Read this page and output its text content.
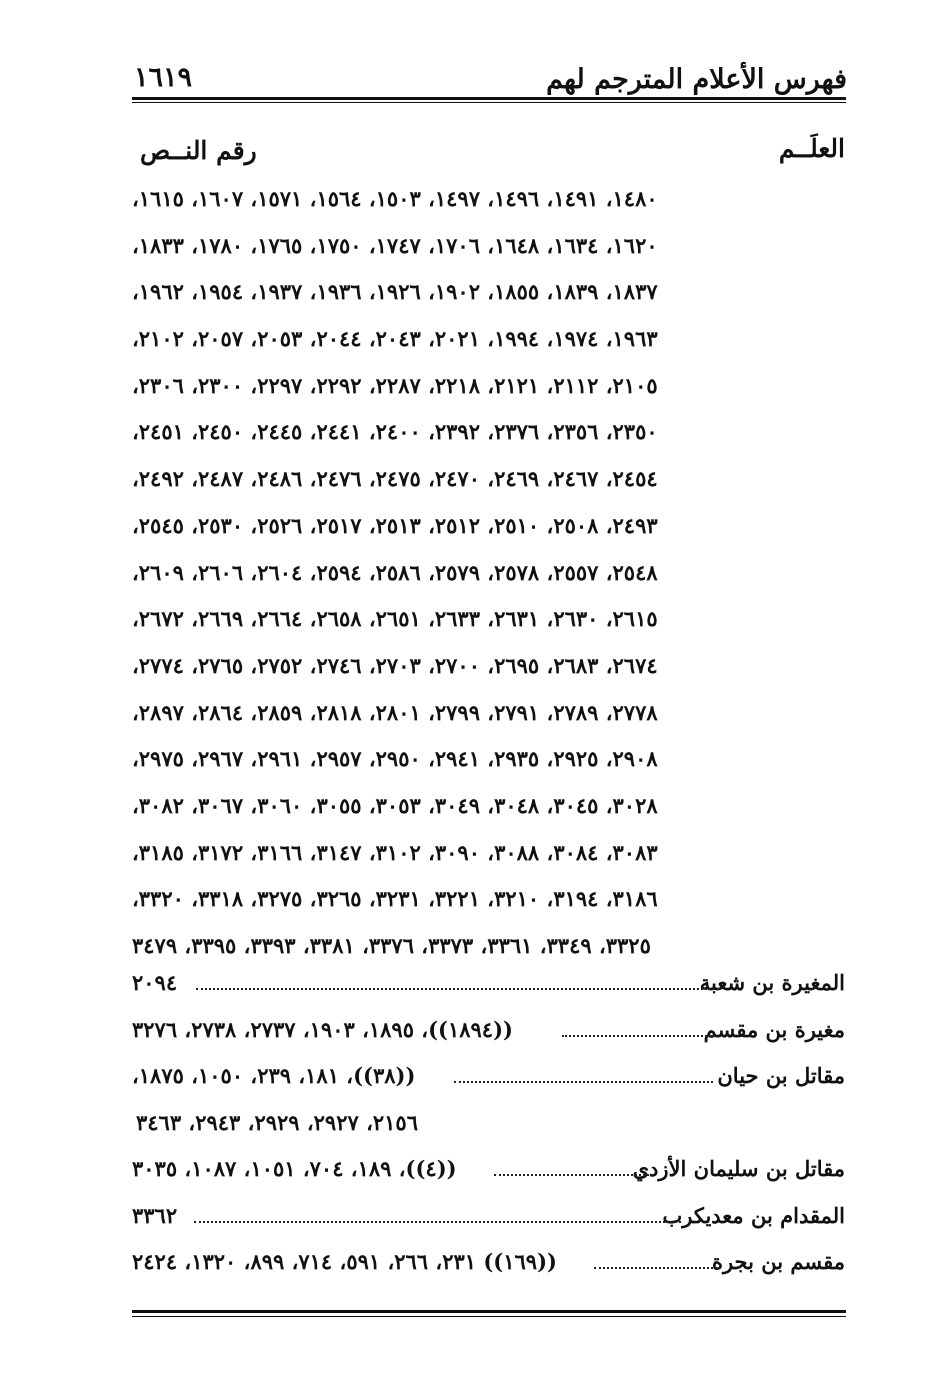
فهرس الأعلام المترجم لهم
١٦١٩
العلَــم
رقم النــص
١٤٨٠، ١٤٩١، ١٤٩٦، ١٤٩٧، ١٥٠٣، ١٥٦٤، ١٥٧١، ١٦٠٧، ١٦١٥،
١٦٢٠، ١٦٣٤، ١٦٤٨، ١٧٠٦، ١٧٤٧، ١٧٥٠، ١٧٦٥، ١٧٨٠، ١٨٣٣،
١٨٣٧، ١٨٣٩، ١٨٥٥، ١٩٠٢، ١٩٢٦، ١٩٣٦، ١٩٣٧، ١٩٥٤، ١٩٦٢،
١٩٦٣، ١٩٧٤، ١٩٩٤، ٢٠٢١، ٢٠٤٣، ٢٠٤٤، ٢٠٥٣، ٢٠٥٧، ٢١٠٢،
٢١٠٥، ٢١١٢، ٢١٢١، ٢٢١٨، ٢٢٨٧، ٢٢٩٢، ٢٢٩٧، ٢٣٠٠، ٢٣٠٦،
٢٣٥٠، ٢٣٥٦، ٢٣٧٦، ٢٣٩٢، ٢٤٠٠، ٢٤٤١، ٢٤٤٥، ٢٤٥٠، ٢٤٥١،
٢٤٥٤، ٢٤٦٧، ٢٤٦٩، ٢٤٧٠، ٢٤٧٥، ٢٤٧٦، ٢٤٨٦، ٢٤٨٧، ٢٤٩٢،
٢٤٩٣، ٢٥٠٨، ٢٥١٠، ٢٥١٢، ٢٥١٣، ٢٥١٧، ٢٥٢٦، ٢٥٣٠، ٢٥٤٥،
٢٥٤٨، ٢٥٥٧، ٢٥٧٨، ٢٥٧٩، ٢٥٨٦، ٢٥٩٤، ٢٦٠٤، ٢٦٠٦، ٢٦٠٩،
٢٦١٥، ٢٦٣٠، ٢٦٣١، ٢٦٣٣، ٢٦٥١، ٢٦٥٨، ٢٦٦٤، ٢٦٦٩، ٢٦٧٢،
٢٦٧٤، ٢٦٨٣، ٢٦٩٥، ٢٧٠٠، ٢٧٠٣، ٢٧٤٦، ٢٧٥٢، ٢٧٦٥، ٢٧٧٤،
٢٧٧٨، ٢٧٨٩، ٢٧٩١، ٢٧٩٩، ٢٨٠١، ٢٨١٨، ٢٨٥٩، ٢٨٦٤، ٢٨٩٧،
٢٩٠٨، ٢٩٢٥، ٢٩٣٥، ٢٩٤١، ٢٩٥٠، ٢٩٥٧، ٢٩٦١، ٢٩٦٧، ٢٩٧٥،
٣٠٢٨، ٣٠٤٥، ٣٠٤٨، ٣٠٤٩، ٣٠٥٣، ٣٠٥٥، ٣٠٦٠، ٣٠٦٧، ٣٠٨٢،
٣٠٨٣، ٣٠٨٤، ٣٠٨٨، ٣٠٩٠، ٣١٠٢، ٣١٤٧، ٣١٦٦، ٣١٧٢، ٣١٨٥،
٣١٨٦، ٣١٩٤، ٣٢١٠، ٣٢٢١، ٣٢٣١، ٣٢٦٥، ٣٢٧٥، ٣٣١٨، ٣٣٢٠،
٣٣٢٥، ٣٣٤٩، ٣٣٦١، ٣٣٧٣، ٣٣٧٦، ٣٣٨١، ٣٣٩٣، ٣٣٩٥، ٣٤٧٩
المغيرة بن شعبة
٢٠٩٤
مغيرة بن مقسم
((١٨٩٤))، ١٨٩٥، ١٩٠٣، ٢٧٣٧، ٢٧٣٨، ٣٢٧٦
مقاتل بن حيان
((٣٨))، ١٨١، ٢٣٩، ١٠٥٠، ١٨٧٥،
٢١٥٦، ٢٩٢٧، ٢٩٢٩، ٢٩٤٣، ٣٤٦٣
مقاتل بن سليمان الأزدي
((٤))، ١٨٩، ٧٠٤، ١٠٥١، ١٠٨٧، ٣٠٣٥
المقدام بن معديكرب
٣٣٦٢
مقسم بن بجرة
((١٦٩)) ٢٣١، ٢٦٦، ٥٩١، ٧١٤، ٨٩٩، ١٣٢٠، ٢٤٢٤
